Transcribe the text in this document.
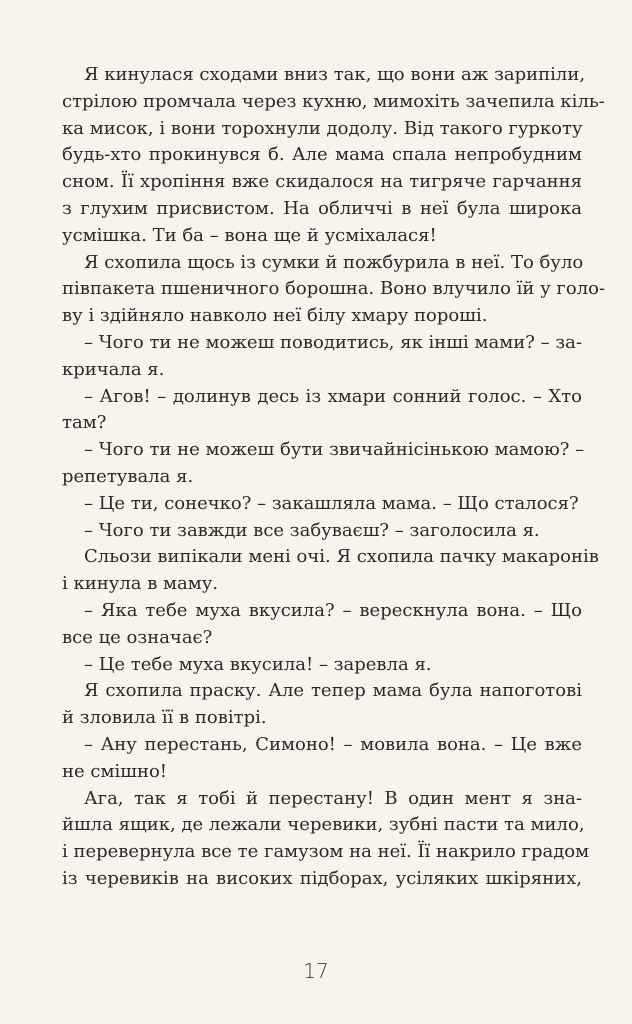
Я кинулася сходами вниз так, що вони аж зарипіли,
стрілою промчала через кухню, мимохіть зачепила кіль-
ка мисок, і вони торохнули додолу. Від такого гуркоту
будь-хто прокинувся б. Але мама спала непробудним
сном. Її хропіння вже скидалося на тигряче гарчання
з глухим присвистом. На обличчі в неї була широка
усмішка. Ти ба – вона ще й усміхалася!
Я схопила щось із сумки й пожбурила в неї. То було
півпакета пшеничного борошна. Воно влучило їй у голо-
ву і здійняло навколо неї білу хмару пороші.
– Чого ти не можеш поводитись, як інші мами? – за-
кричала я.
– Агов! – долинув десь із хмари сонний голос. – Хто
там?
– Чого ти не можеш бути звичайнісінькою мамою? –
репетувала я.
– Це ти, сонечко? – закашляла мама. – Що сталося?
– Чого ти завжди все забуваєш? – заголосила я.
Сльози випікали мені очі. Я схопила пачку макаронів
і кинула в маму.
– Яка тебе муха вкусила? – верескнула вона. – Що
все це означає?
– Це тебе муха вкусила! – заревла я.
Я схопила праску. Але тепер мама була напоготові
й зловила її в повітрі.
– Ану перестань, Симоно! – мовила вона. – Це вже
не смішно!
Ага, так я тобі й перестану! В один мент я зна-
йшла ящик, де лежали черевики, зубні пасти та мило,
і перевернула все те гамузом на неї. Її накрило градом
із черевиків на високих підборах, усіляких шкіряних,
17
